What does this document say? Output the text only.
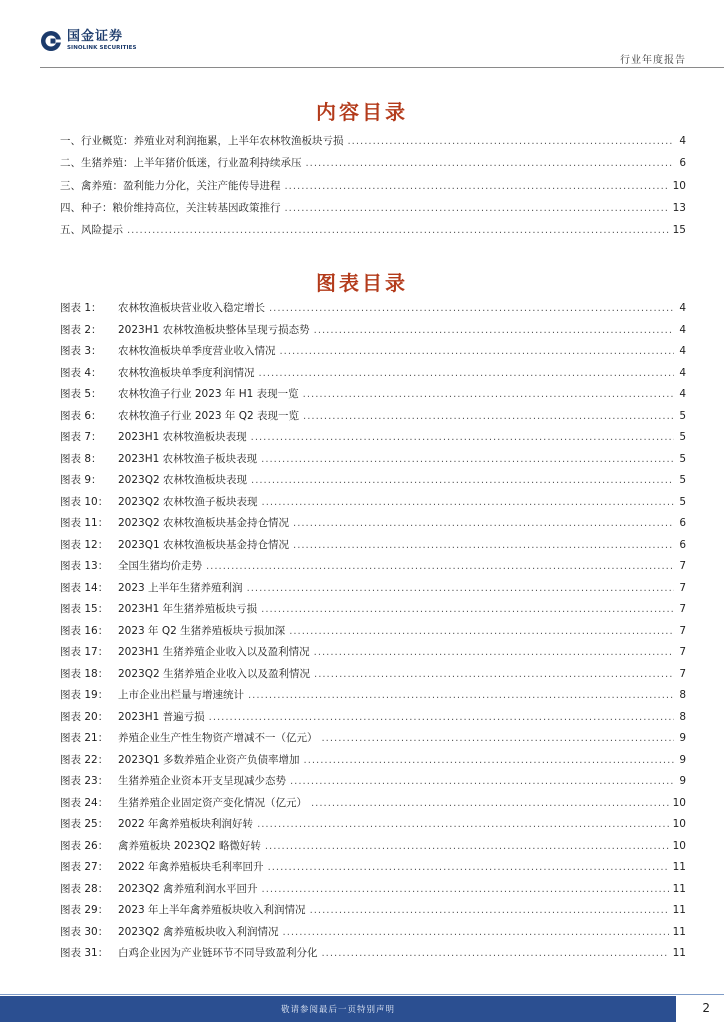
国金证券
SINOLINK SECURITIES
行业年度报告
内容目录
一、行业概览：养殖业对利润拖累，上半年农林牧渔板块亏损 .....	4
二、生猪养殖：上半年猪价低迷，行业盈利持续承压 .....	6
三、禽养殖：盈利能力分化，关注产能传导进程 .....	10
四、种子：粮价维持高位，关注转基因政策推行 .....	13
五、风险提示 .....	15
图表目录
图表 1：	农林牧渔板块营业收入稳定增长 .....	4
图表 2：	2023H1 农林牧渔板块整体呈现亏损态势 .....	4
图表 3：	农林牧渔板块单季度营业收入情况 .....	4
图表 4：	农林牧渔板块单季度利润情况 .....	4
图表 5：	农林牧渔子行业 2023 年 H1 表现一览 .....	4
图表 6：	农林牧渔子行业 2023 年 Q2 表现一览 .....	5
图表 7：	2023H1 农林牧渔板块表现 .....	5
图表 8：	2023H1 农林牧渔子板块表现 .....	5
图表 9：	2023Q2 农林牧渔板块表现 .....	5
图表 10： 2023Q2 农林牧渔子板块表现 .....	5
图表 11： 2023Q2 农林牧渔板块基金持仓情况 .....	6
图表 12： 2023Q1 农林牧渔板块基金持仓情况 .....	6
图表 13： 全国生猪均价走势 .....	7
图表 14： 2023 上半年生猪养殖利润 .....	7
图表 15： 2023H1 年生猪养殖板块亏损 .....	7
图表 16： 2023 年 Q2 生猪养殖板块亏损加深 .....	7
图表 17： 2023H1 生猪养殖企业收入以及盈利情况 .....	7
图表 18： 2023Q2 生猪养殖企业收入以及盈利情况 .....	7
图表 19： 上市企业出栏量与增速统计 .....	8
图表 20： 2023H1 普遍亏损 .....	8
图表 21： 养殖企业生产性生物资产增减不一（亿元） .....	9
图表 22： 2023Q1 多数养殖企业资产负债率增加 .....	9
图表 23： 生猪养殖企业资本开支呈现减少态势 .....	9
图表 24： 生猪养殖企业固定资产变化情况（亿元） .....	10
图表 25： 2022 年禽养殖板块利润好转 .....	10
图表 26： 禽养殖板块 2023Q2 略微好转 .....	10
图表 27： 2022 年禽养殖板块毛利率回升 .....	11
图表 28： 2023Q2 禽养殖利润水平回升 .....	11
图表 29： 2023 年上半年禽养殖板块收入利润情况 .....	11
图表 30： 2023Q2 禽养殖板块收入利润情况 .....	11
图表 31： 白鸡企业因为产业链环节不同导致盈利分化 .....	11
敬请参阅最后一页特别声明	2
